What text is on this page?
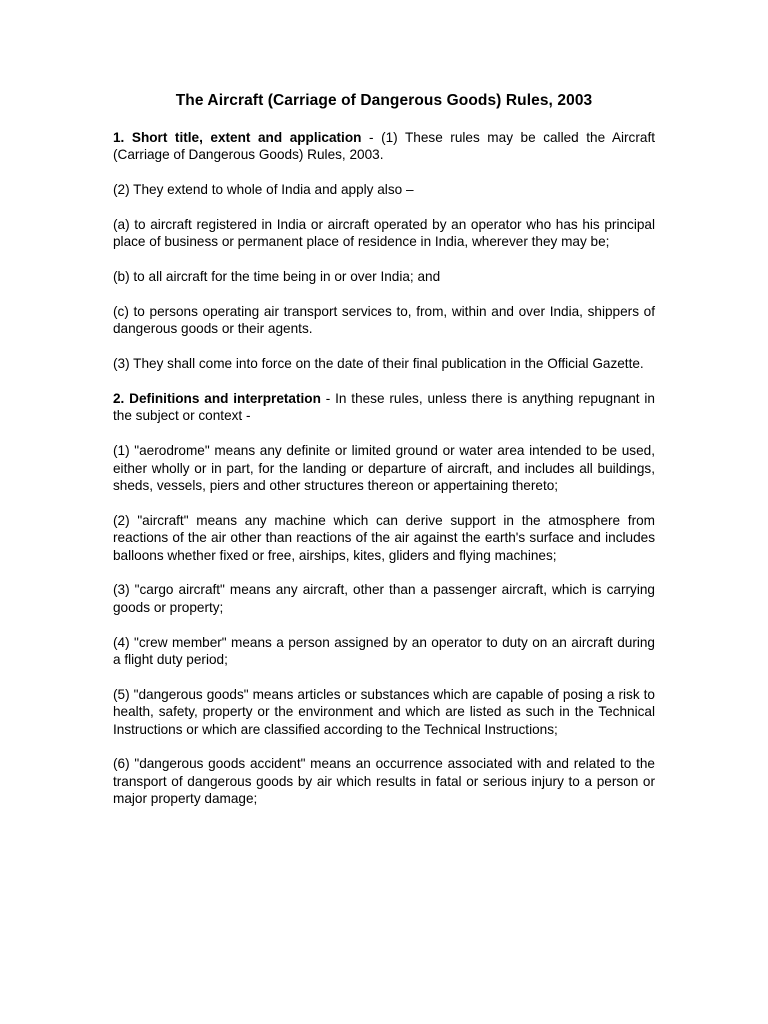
The Aircraft (Carriage of Dangerous Goods) Rules, 2003

1. Short title, extent and application - (1) These rules may be called the Aircraft (Carriage of Dangerous Goods) Rules, 2003.

(2) They extend to whole of India and apply also –

(a) to aircraft registered in India or aircraft operated by an operator who has his principal place of business or permanent place of residence in India, wherever they may be;

(b) to all aircraft for the time being in or over India; and

(c) to persons operating air transport services to, from, within and over India, shippers of dangerous goods or their agents.

(3) They shall come into force on the date of their final publication in the Official Gazette.

2. Definitions and interpretation - In these rules, unless there is anything repugnant in the subject or context -

(1) "aerodrome" means any definite or limited ground or water area intended to be used, either wholly or in part, for the landing or departure of aircraft, and includes all buildings, sheds, vessels, piers and other structures thereon or appertaining thereto;

(2) "aircraft" means any machine which can derive support in the atmosphere from reactions of the air other than reactions of the air against the earth's surface and includes balloons whether fixed or free, airships, kites, gliders and flying machines;

(3) "cargo aircraft" means any aircraft, other than a passenger aircraft, which is carrying goods or property;

(4) "crew member" means a person assigned by an operator to duty on an aircraft during a flight duty period;

(5) "dangerous goods" means articles or substances which are capable of posing a risk to health, safety, property or the environment and which are listed as such in the Technical Instructions or which are classified according to the Technical Instructions;

(6) "dangerous goods accident" means an occurrence associated with and related to the transport of dangerous goods by air which results in fatal or serious injury to a person or major property damage;
